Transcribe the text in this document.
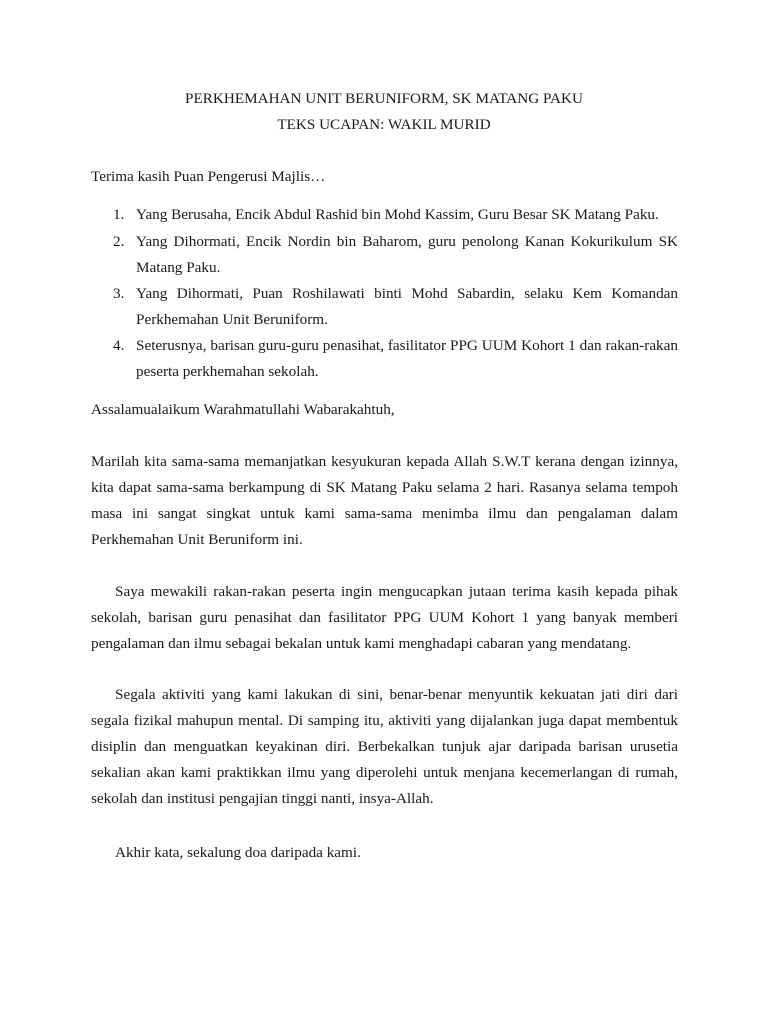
PERKHEMAHAN UNIT BERUNIFORM, SK MATANG PAKU
TEKS UCAPAN: WAKIL MURID
Terima kasih Puan Pengerusi Majlis…
1. Yang Berusaha, Encik Abdul Rashid bin Mohd Kassim, Guru Besar SK Matang Paku.
2. Yang Dihormati, Encik Nordin bin Baharom, guru penolong Kanan Kokurikulum SK
Matang Paku.
3. Yang Dihormati, Puan Roshilawati binti Mohd Sabardin, selaku Kem Komandan
Perkhemahan Unit Beruniform.
4. Seterusnya, barisan guru-guru penasihat, fasilitator PPG UUM Kohort 1 dan rakan-rakan
peserta perkhemahan sekolah.
Assalamualaikum Warahmatullahi Wabarakahtuh,
Marilah kita sama-sama memanjatkan kesyukuran kepada Allah S.W.T kerana dengan izinnya,
kita dapat sama-sama berkampung di SK Matang Paku selama 2 hari. Rasanya selama tempoh
masa ini sangat singkat untuk kami sama-sama menimba ilmu dan pengalaman dalam
Perkhemahan Unit Beruniform ini.
Saya mewakili rakan-rakan peserta ingin mengucapkan jutaan terima kasih kepada pihak
sekolah, barisan guru penasihat dan fasilitator PPG UUM Kohort 1 yang banyak memberi
pengalaman dan ilmu sebagai bekalan untuk kami menghadapi cabaran yang mendatang.
Segala aktiviti yang kami lakukan di sini, benar-benar menyuntik kekuatan jati diri dari
segala fizikal mahupun mental. Di samping itu, aktiviti yang dijalankan juga dapat membentuk
disiplin dan menguatkan keyakinan diri. Berbekalkan tunjuk ajar daripada barisan urusetia
sekalian akan kami praktikkan ilmu yang diperolehi untuk menjana kecemerlangan di rumah,
sekolah dan institusi pengajian tinggi nanti, insya-Allah.
Akhir kata, sekalung doa daripada kami.
